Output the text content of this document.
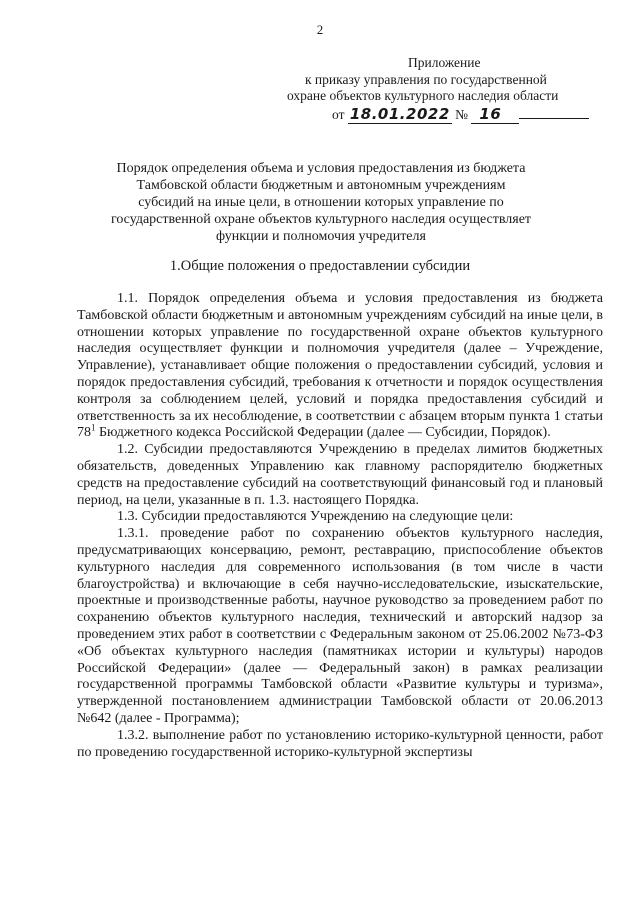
2
Приложение
к приказу управления по государственной
охране объектов культурного наследия области
от 18.01.2022 № 16
Порядок определения объема и условия предоставления из бюджета Тамбовской области бюджетным и автономным учреждениям субсидий на иные цели, в отношении которых управление по государственной охране объектов культурного наследия осуществляет функции и полномочия учредителя
1.Общие положения о предоставлении субсидии

1.1. Порядок определения объема и условия предоставления из бюджета Тамбовской области бюджетным и автономным учреждениям субсидий на иные цели, в отношении которых управление по государственной охране объектов культурного наследия осуществляет функции и полномочия учредителя (далее – Учреждение, Управление), устанавливает общие положения о предоставлении субсидий, условия и порядок предоставления субсидий, требования к отчетности и порядок осуществления контроля за соблюдением целей, условий и порядка предоставления субсидий и ответственность за их несоблюдение, в соответствии с абзацем вторым пункта 1 статьи $78^1$ Бюджетного кодекса Российской Федерации (далее — Субсидии, Порядок).

1.2. Субсидии предоставляются Учреждению в пределах лимитов бюджетных обязательств, доведенных Управлению как главному распорядителю бюджетных средств на предоставление субсидий на соответствующий финансовый год и плановый период, на цели, указанные в п. 1.3. настоящего Порядка.

1.3. Субсидии предоставляются Учреждению на следующие цели:

1.3.1. проведение работ по сохранению объектов культурного наследия, предусматривающих консервацию, ремонт, реставрацию, приспособление объектов культурного наследия для современного использования (в том числе в части благоустройства) и включающие в себя научно-исследовательские, изыскательские, проектные и производственные работы, научное руководство за проведением работ по сохранению объектов культурного наследия, технический и авторский надзор за проведением этих работ в соответствии с Федеральным законом от 25.06.2002 №73-ФЗ «Об объектах культурного наследия (памятниках истории и культуры) народов Российской Федерации» (далее — Федеральный закон) в рамках реализации государственной программы Тамбовской области «Развитие культуры и туризма», утвержденной постановлением администрации Тамбовской области от 20.06.2013 №642 (далее - Программа);

1.3.2. выполнение работ по установлению историко-культурной ценности, работ по проведению государственной историко-культурной экспертизы
